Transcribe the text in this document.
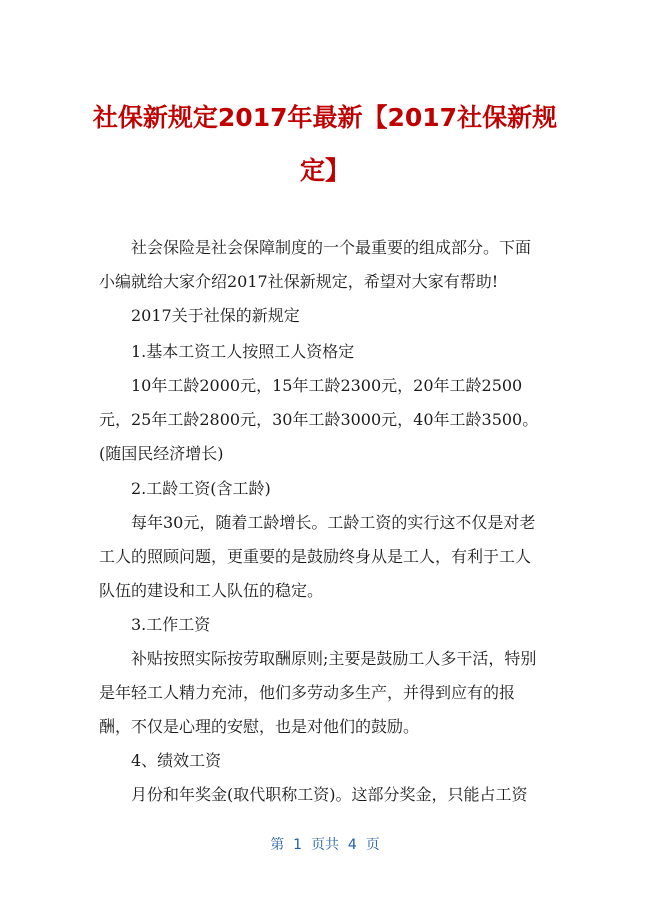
社保新规定2017年最新【2017社保新规
定】
社会保险是社会保障制度的一个最重要的组成部分。下面
小编就给大家介绍2017社保新规定，希望对大家有帮助!
2017关于社保的新规定
1.基本工资工人按照工人资格定
10年工龄2000元，15年工龄2300元，20年工龄2500
元，25年工龄2800元，30年工龄3000元，40年工龄3500。
(随国民经济增长)
2.工龄工资(含工龄)
每年30元，随着工龄增长。工龄工资的实行这不仅是对老
工人的照顾问题，更重要的是鼓励终身从是工人，有利于工人
队伍的建设和工人队伍的稳定。
3.工作工资
补贴按照实际按劳取酬原则;主要是鼓励工人多干活，特别
是年轻工人精力充沛，他们多劳动多生产，并得到应有的报
酬，不仅是心理的安慰，也是对他们的鼓励。
4、绩效工资
月份和年奖金(取代职称工资)。这部分奖金，只能占工资
第  1  页共  4  页
